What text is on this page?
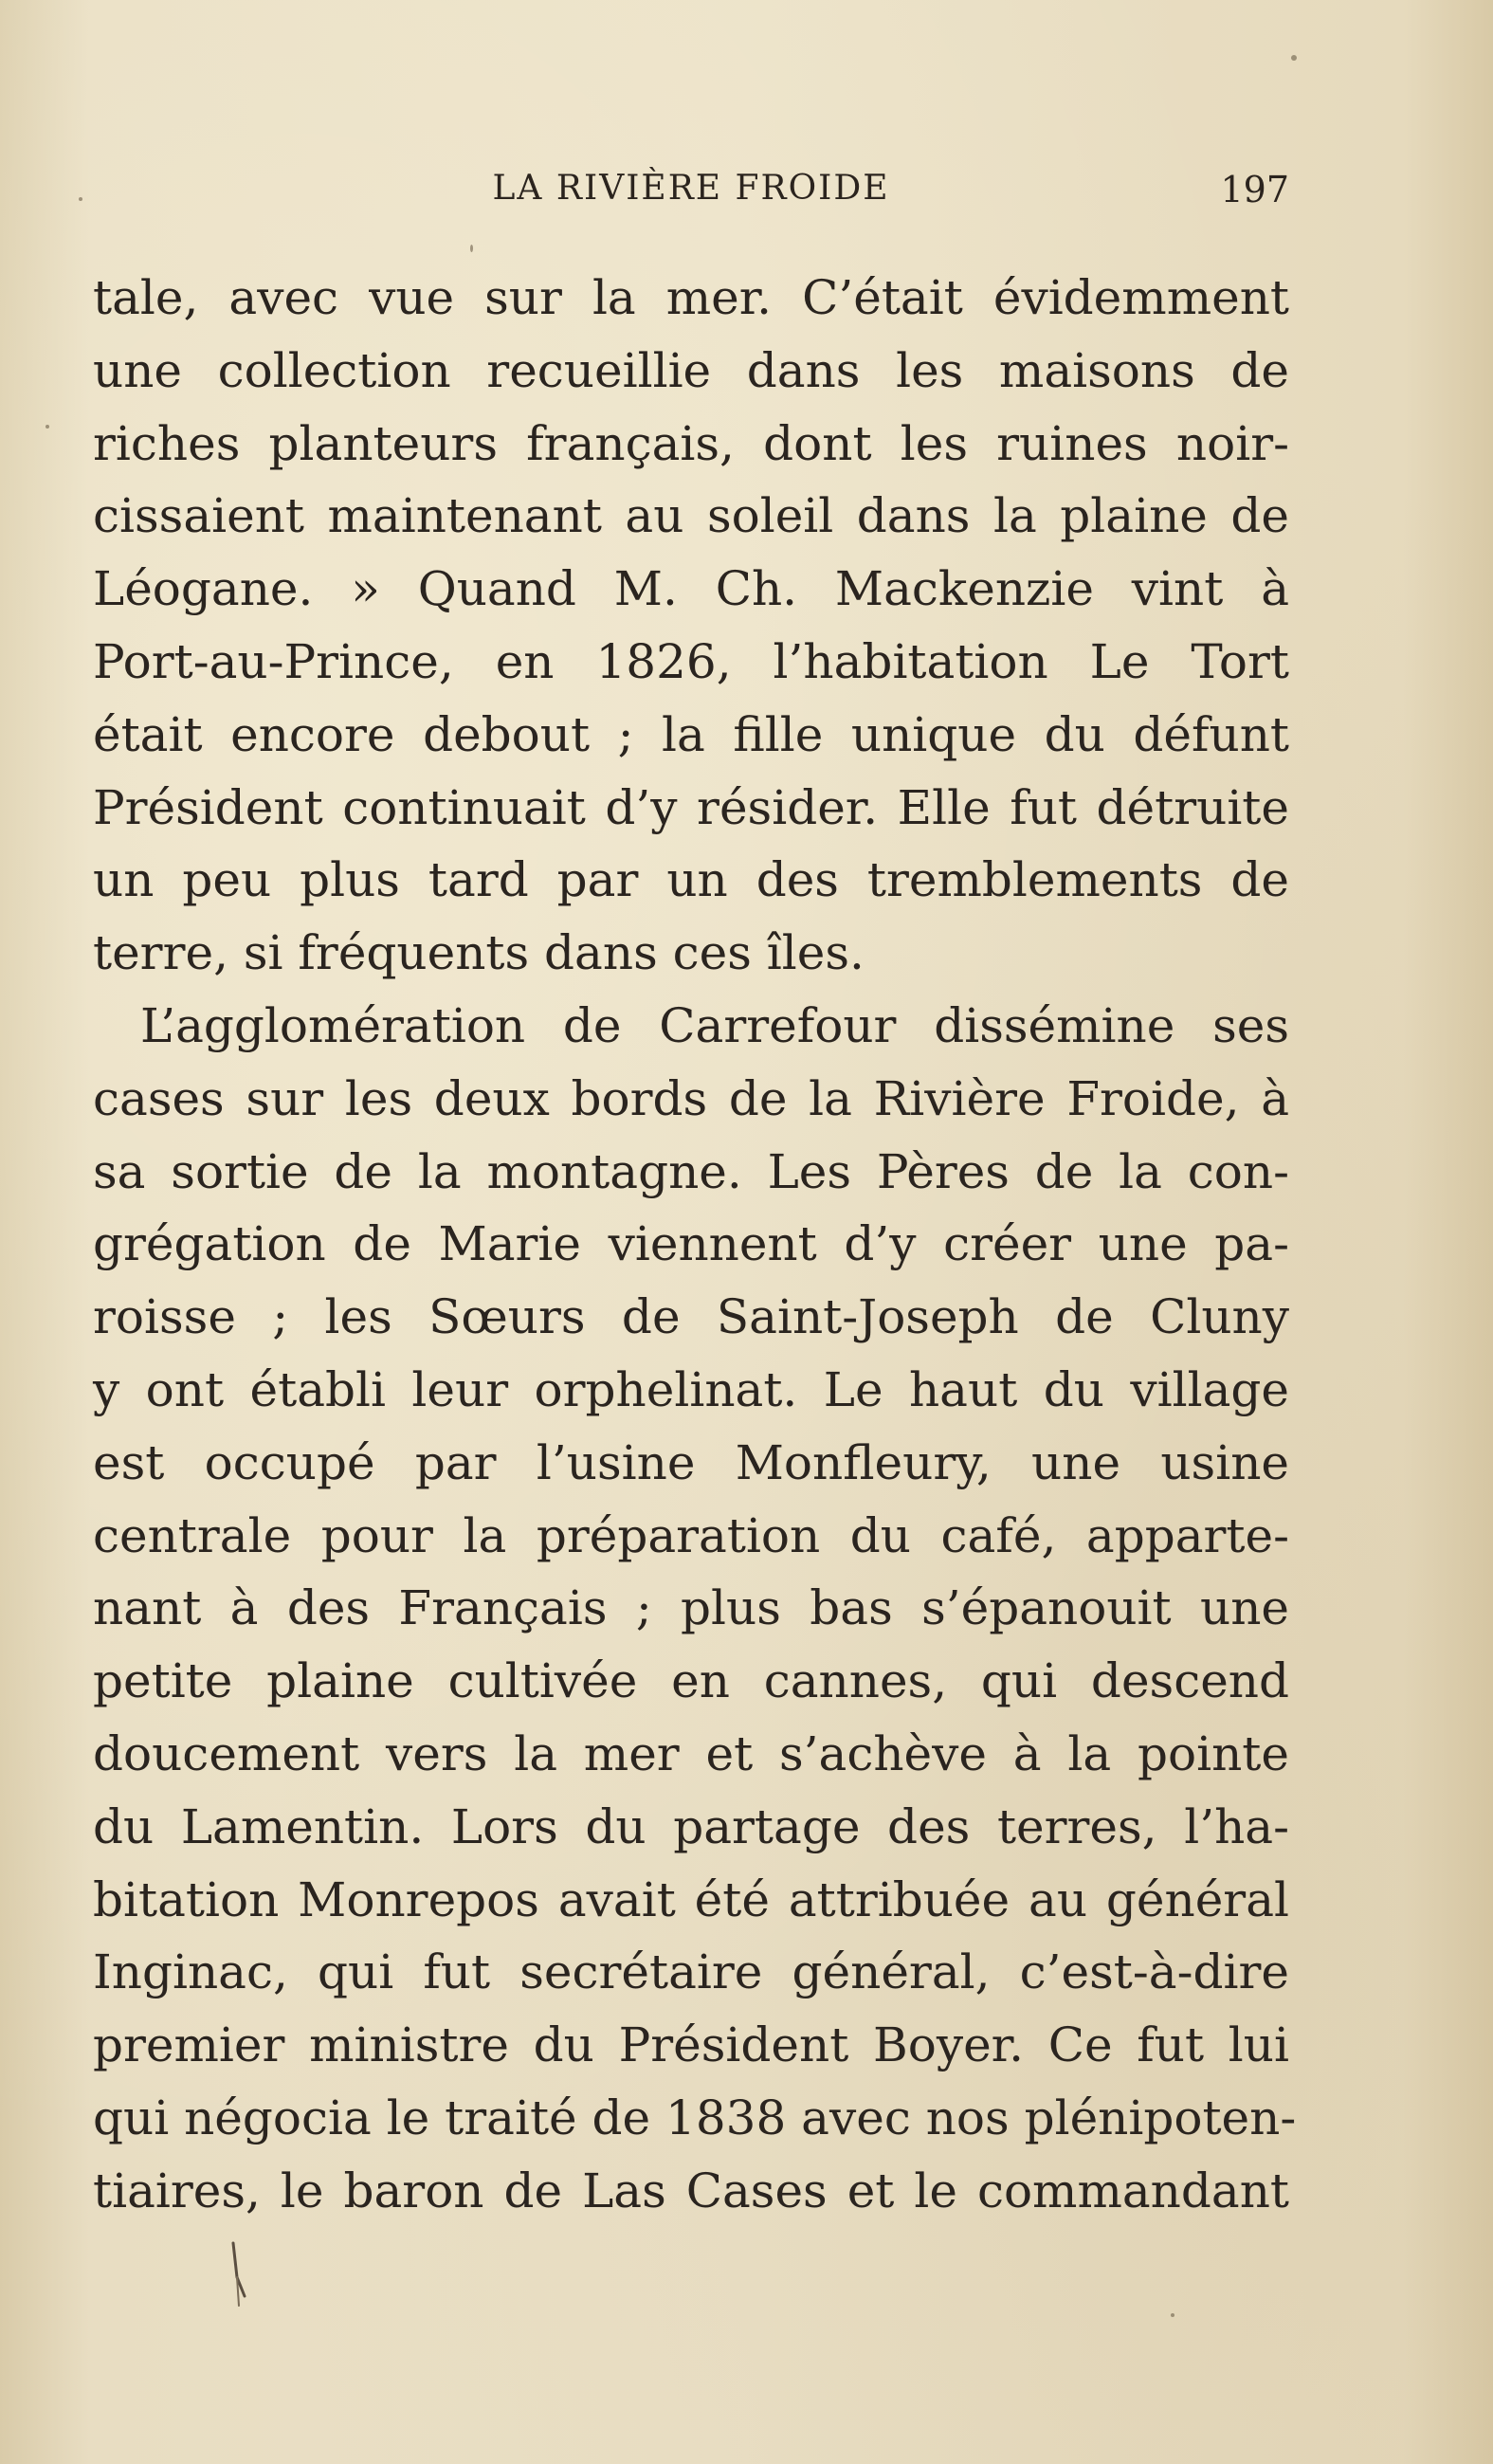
LA RIVIÈRE FROIDE	197
tale, avec vue sur la mer. C’était évidemment
une collection recueillie dans les maisons de
riches planteurs français, dont les ruines noir-
cissaient maintenant au soleil dans la plaine de
Léogane. » Quand M. Ch. Mackenzie vint à
Port-au-Prince, en 1826, l’habitation Le Tort
était encore debout ; la fille unique du défunt
Président continuait d’y résider. Elle fut détruite
un peu plus tard par un des tremblements de
terre, si fréquents dans ces îles.
L’agglomération de Carrefour dissémine ses
cases sur les deux bords de la Rivière Froide, à
sa sortie de la montagne. Les Pères de la con-
grégation de Marie viennent d’y créer une pa-
roisse ; les Sœurs de Saint-Joseph de Cluny
y ont établi leur orphelinat. Le haut du village
est occupé par l’usine Monfleury, une usine
centrale pour la préparation du café, apparte-
nant à des Français ; plus bas s’épanouit une
petite plaine cultivée en cannes, qui descend
doucement vers la mer et s’achève à la pointe
du Lamentin. Lors du partage des terres, l’ha-
bitation Monrepos avait été attribuée au général
Inginac, qui fut secrétaire général, c’est-à-dire
premier ministre du Président Boyer. Ce fut lui
qui négocia le traité de 1838 avec nos plénipoten-
tiaires, le baron de Las Cases et le commandant
